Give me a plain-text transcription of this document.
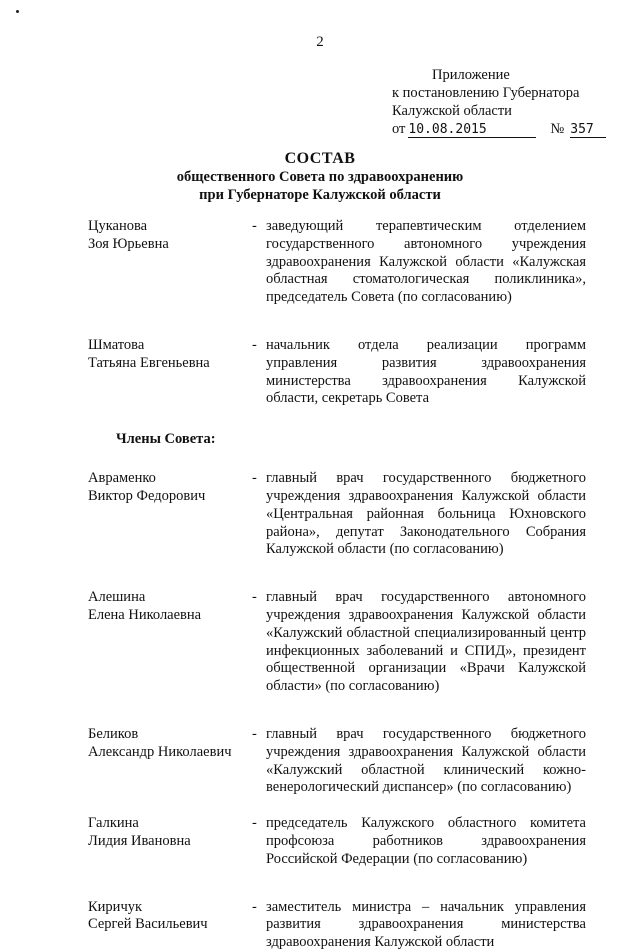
2
Приложение
к постановлению Губернатора
Калужской области
от 10.08.2015	№ 357
СОСТАВ
общественного Совета по здравоохранению
при Губернаторе Калужской области
Цуканова
Зоя Юрьевна
- заведующий терапевтическим отделением государственного автономного учреждения здравоохранения Калужской области «Калужская областная стоматологическая поликлиника», председатель Совета (по согласованию)
Шматова
Татьяна Евгеньевна
- начальник отдела реализации программ управления развития здравоохранения министерства здравоохранения Калужской области, секретарь Совета
Члены Совета:
Авраменко
Виктор Федорович
- главный врач государственного бюджетного учреждения здравоохранения Калужской области «Центральная районная больница Юхновского района», депутат Законодательного Собрания Калужской области (по согласованию)
Алешина
Елена Николаевна
- главный врач государственного автономного учреждения здравоохранения Калужской области «Калужский областной специализированный центр инфекционных заболеваний и СПИД», президент общественной организации «Врачи Калужской области» (по согласованию)
Беликов
Александр Николаевич
- главный врач государственного бюджетного учреждения здравоохранения Калужской области «Калужский областной клинический кожно-венерологический диспансер» (по согласованию)
Галкина
Лидия Ивановна
- председатель Калужского областного комитета профсоюза работников здравоохранения Российской Федерации (по согласованию)
Киричук
Сергей Васильевич
- заместитель министра – начальник управления развития здравоохранения министерства здравоохранения Калужской области
